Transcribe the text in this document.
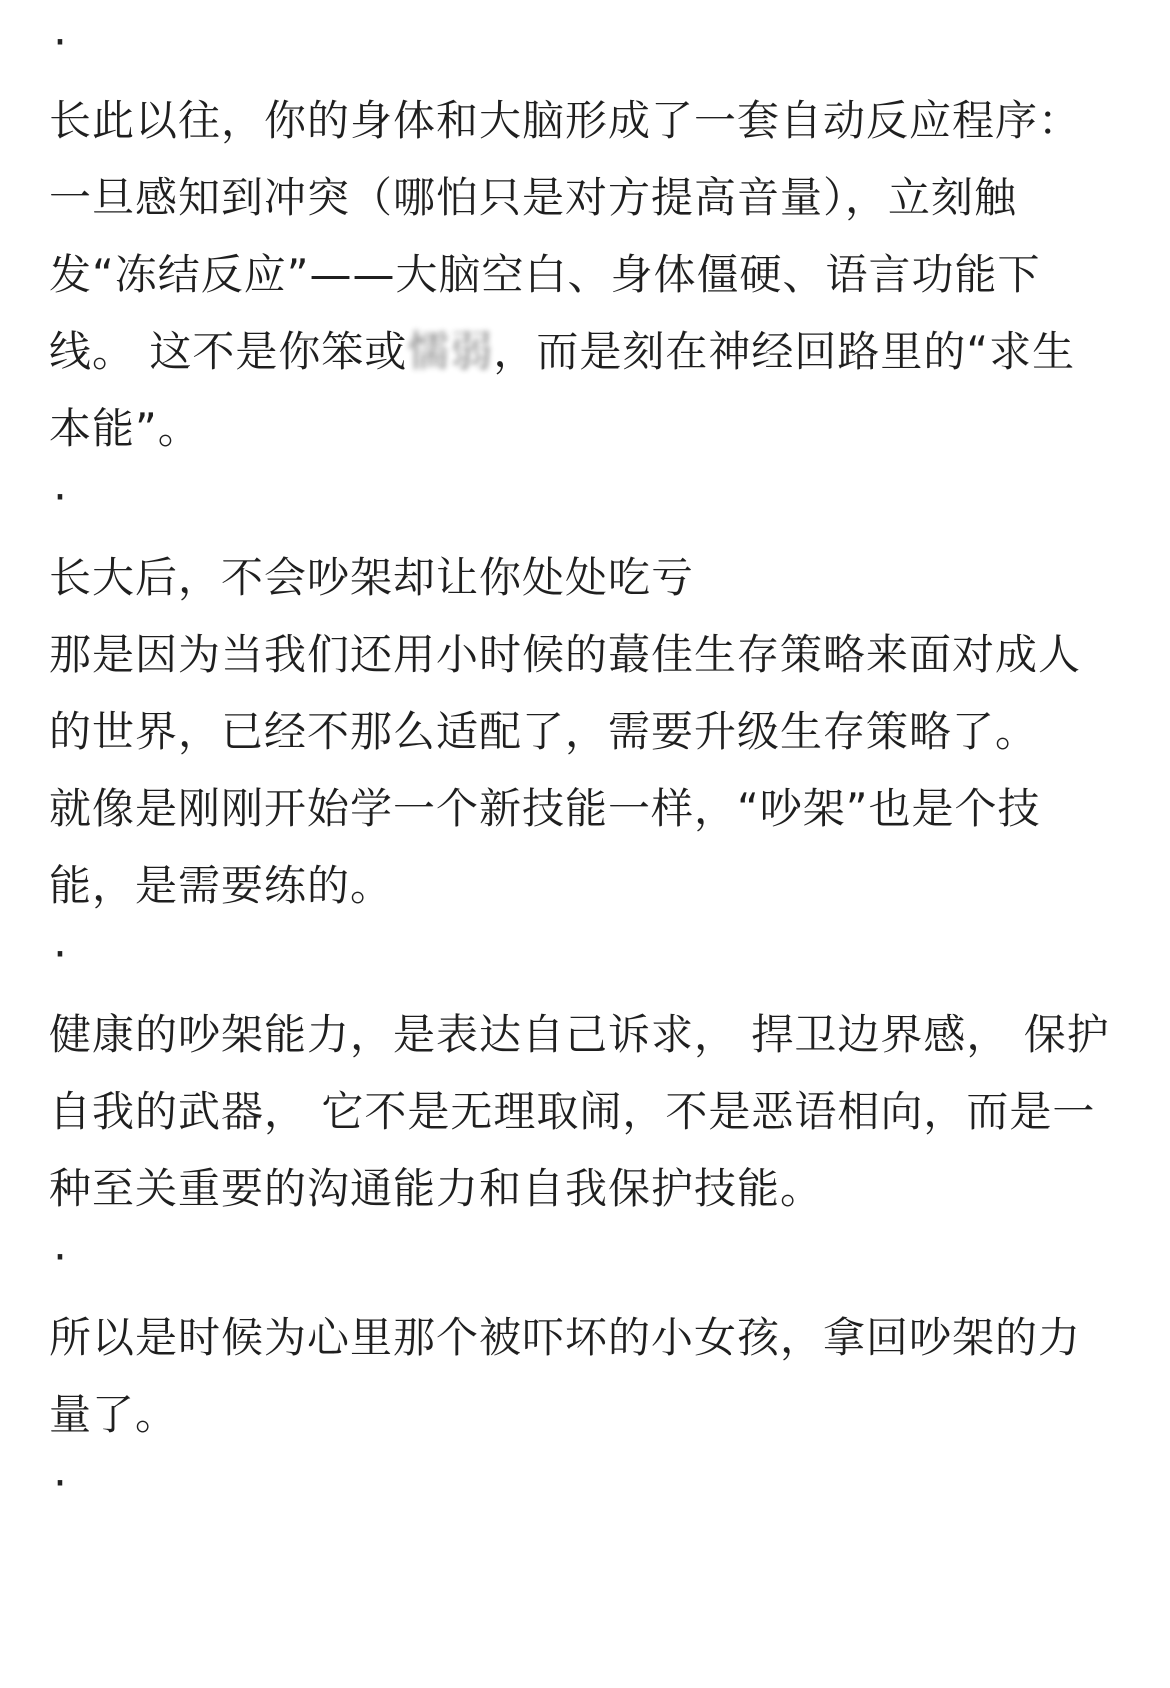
·

长此以往，你的身体和大脑形成了一套自动反应程序：一旦感知到冲突（哪怕只是对方提高音量），立刻触发“冻结反应”——大脑空白、身体僵硬、语言功能下线。 这不是你笨或懦弱，而是刻在神经回路里的“求生本能”。

·

长大后，不会吵架却让你处处吃亏

那是因为当我们还用小时候的蕞佳生存策略来面对成人的世界，已经不那么适配了，需要升级生存策略了。

就像是刚刚开始学一个新技能一样，“吵架”也是个技能，是需要练的。

·

健康的吵架能力，是表达自己诉求， 捍卫边界感， 保护自我的武器， 它不是无理取闹，不是恶语相向，而是一种至关重要的沟通能力和自我保护技能。

·

所以是时候为心里那个被吓坏的小女孩，拿回吵架的力量了。

·
